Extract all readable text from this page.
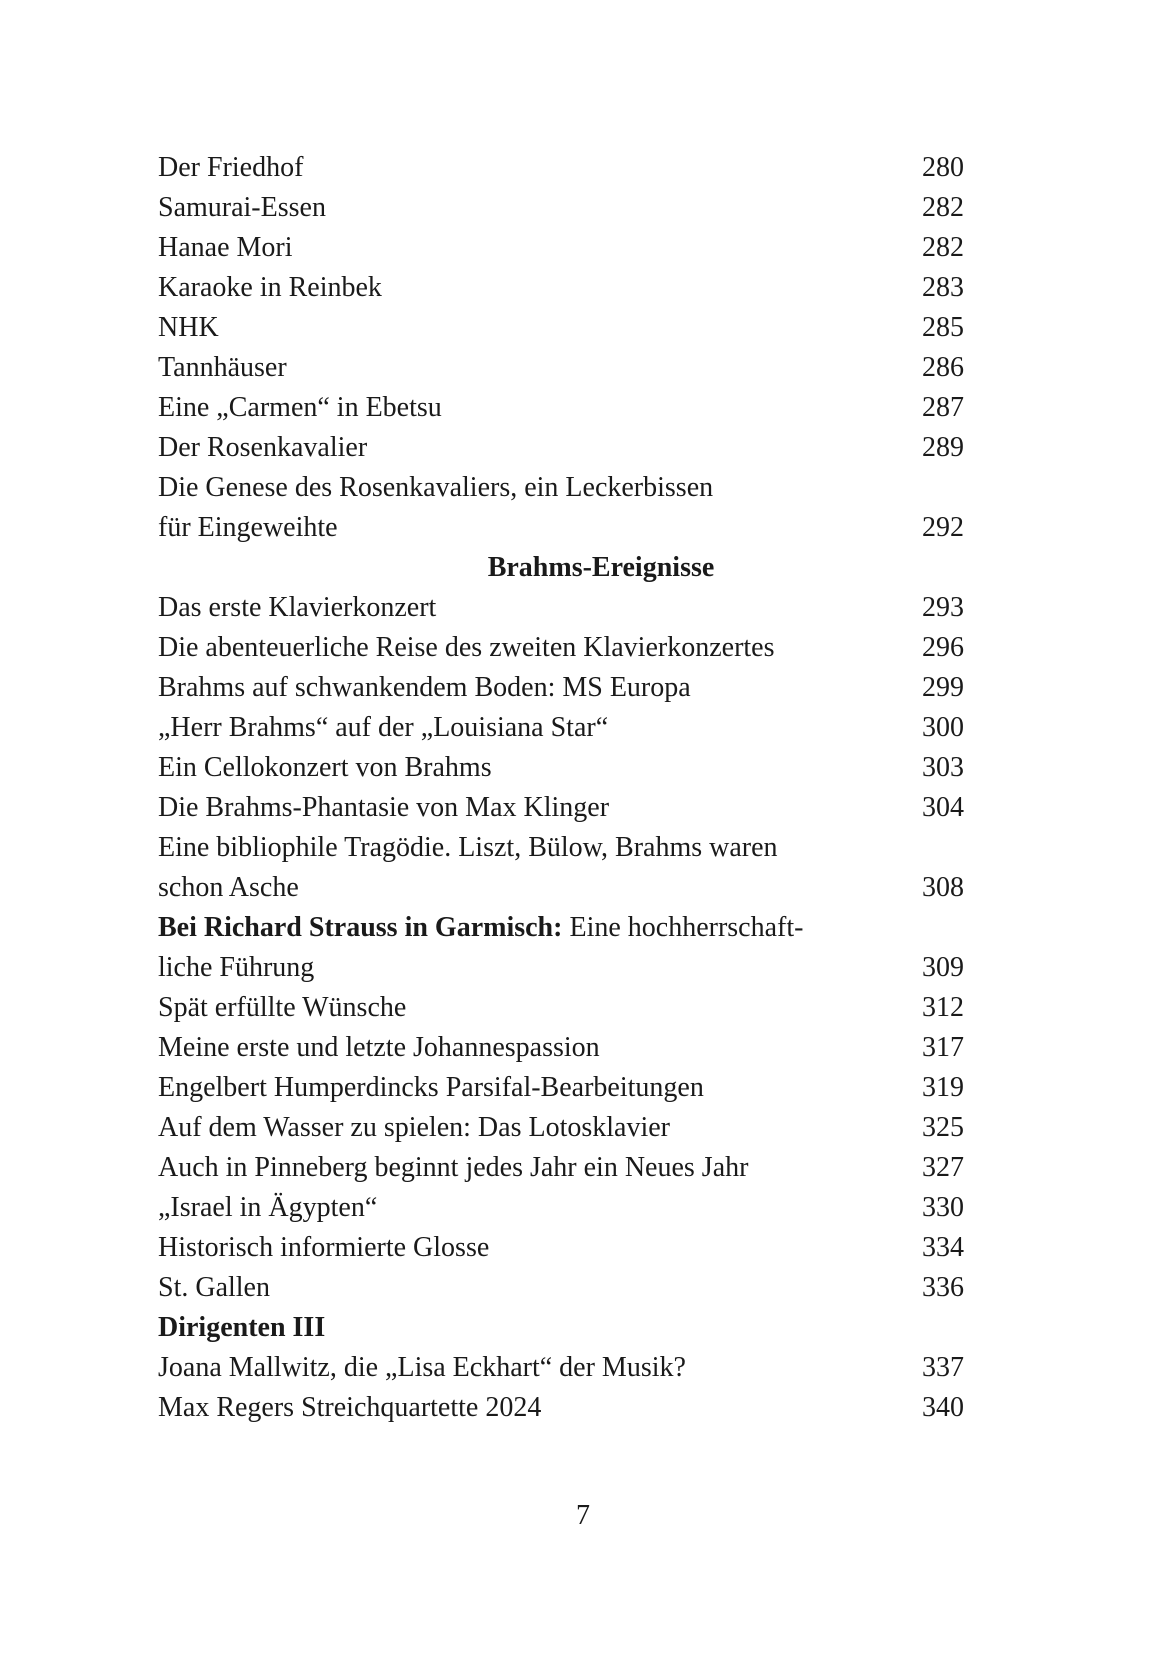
Der Friedhof	280
Samurai-Essen	282
Hanae Mori	282
Karaoke in Reinbek	283
NHK	285
Tannhäuser	286
Eine „Carmen“ in Ebetsu	287
Der Rosenkavalier	289
Die Genese des Rosenkavaliers, ein Leckerbissen
für Eingeweihte	292
Brahms-Ereignisse
Das erste Klavierkonzert	293
Die abenteuerliche Reise des zweiten Klavierkonzertes	296
Brahms auf schwankendem Boden: MS Europa	299
„Herr Brahms“ auf der „Louisiana Star“	300
Ein Cellokonzert von Brahms	303
Die Brahms-Phantasie von Max Klinger	304
Eine bibliophile Tragödie. Liszt, Bülow, Brahms waren
schon Asche	308
Bei Richard Strauss in Garmisch: Eine hochherrschaft-
liche Führung	309
Spät erfüllte Wünsche	312
Meine erste und letzte Johannespassion	317
Engelbert Humperdincks Parsifal-Bearbeitungen	319
Auf dem Wasser zu spielen: Das Lotosklavier	325
Auch in Pinneberg beginnt jedes Jahr ein Neues Jahr	327
„Israel in Ägypten“	330
Historisch informierte Glosse	334
St. Gallen	336
Dirigenten III
Joana Mallwitz, die „Lisa Eckhart“ der Musik?	337
Max Regers Streichquartette 2024	340
7
